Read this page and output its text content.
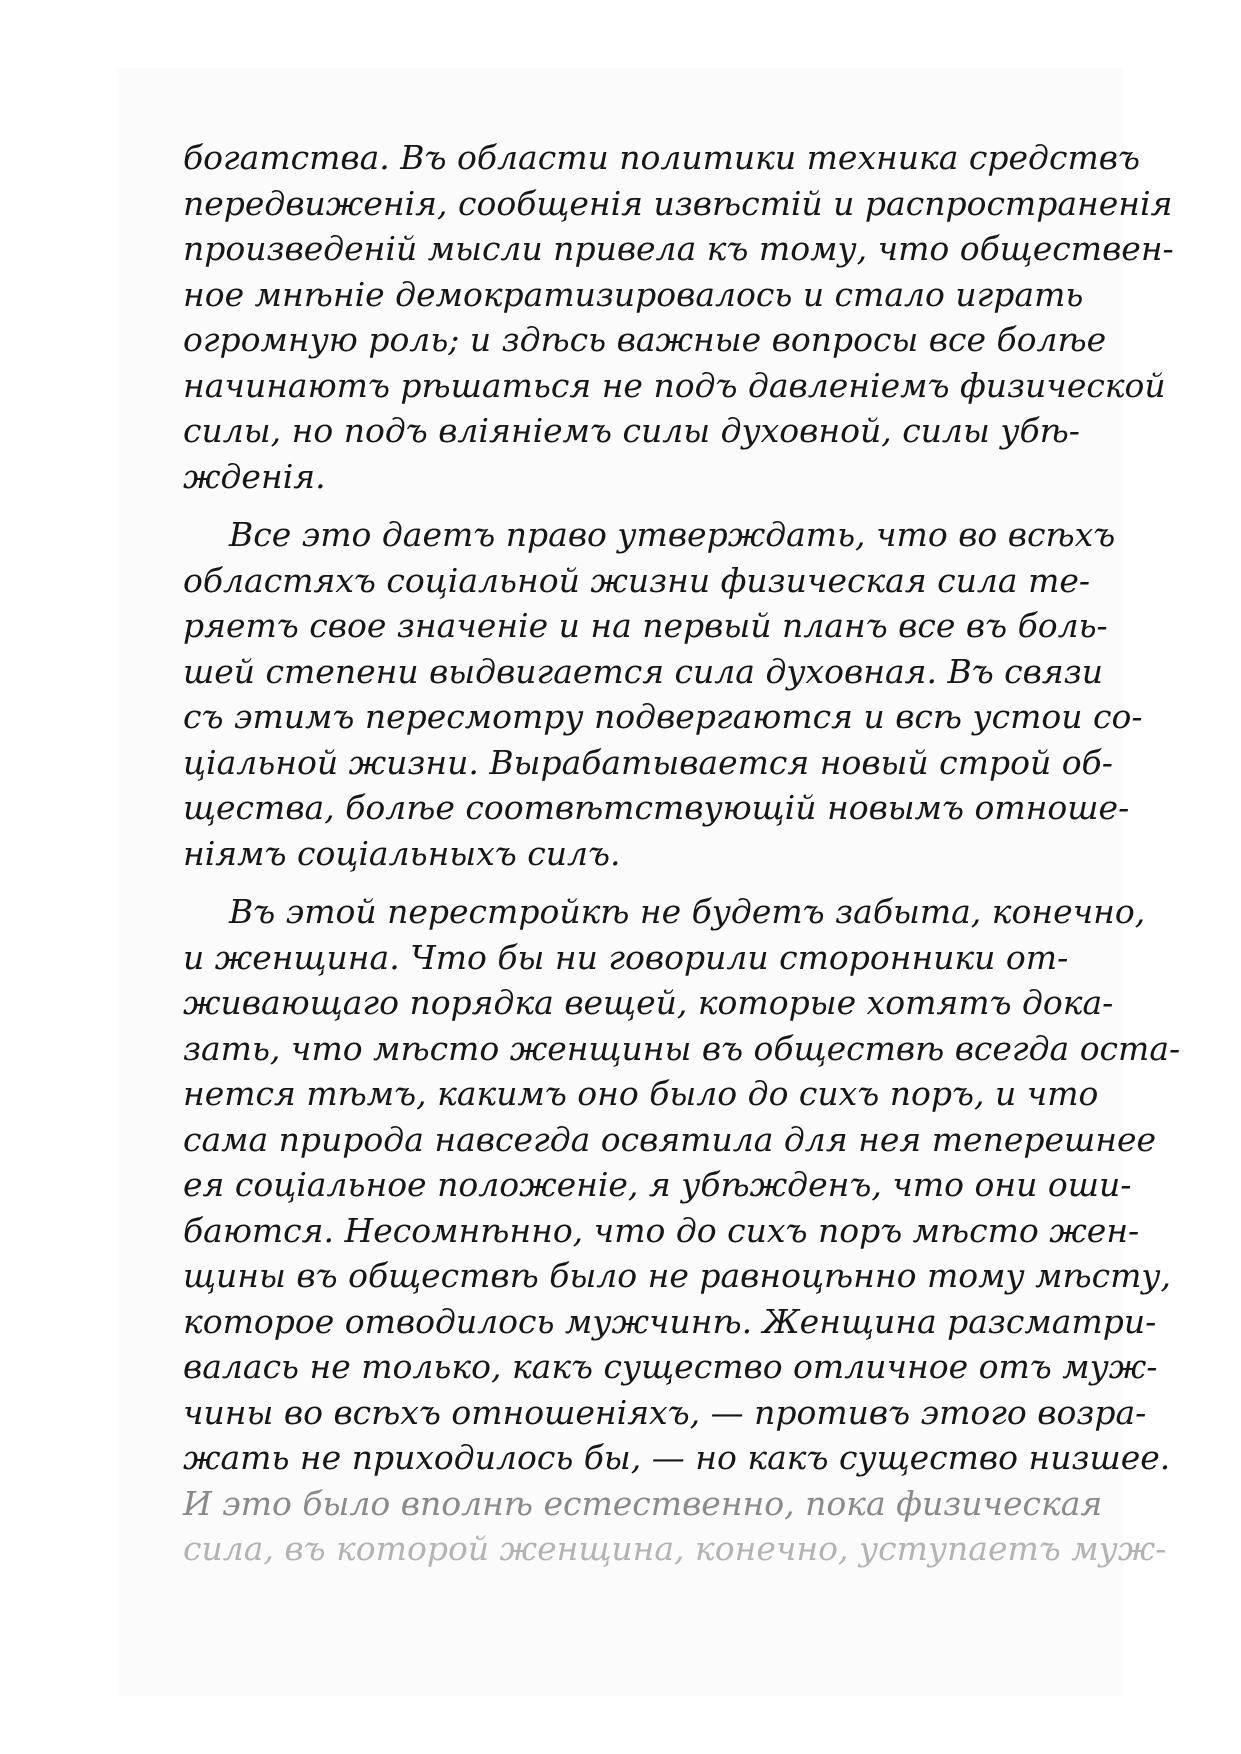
богатства. Въ области политики техника средствъ
передвиженія, сообщенія извѣстій и распространенія
произведеній мысли привела къ тому, что обществен-
ное мнѣніе демократизировалось и стало играть
огромную роль; и здѣсь важные вопросы все болѣе
начинаютъ рѣшаться не подъ давленіемъ физической
силы, но подъ вліяніемъ силы духовной, силы убѣ-
жденія.
Все это даетъ право утверждать, что во всѣхъ
областяхъ соціальной жизни физическая сила те-
ряетъ свое значеніе и на первый планъ все въ боль-
шей степени выдвигается сила духовная. Въ связи
съ этимъ пересмотру подвергаются и всѣ устои со-
ціальной жизни. Вырабатывается новый строй об-
щества, болѣе соотвѣтствующій новымъ отноше-
ніямъ соціальныхъ силъ.
Въ этой перестройкѣ не будетъ забыта, конечно,
и женщина. Что бы ни говорили сторонники от-
живающаго порядка вещей, которые хотятъ дока-
зать, что мѣсто женщины въ обществѣ всегда оста-
нется тѣмъ, какимъ оно было до сихъ поръ, и что
сама природа навсегда освятила для нея теперешнее
ея соціальное положеніе, я убѣжденъ, что они оши-
баются. Несомнѣнно, что до сихъ поръ мѣсто жен-
щины въ обществѣ было не равноцѣнно тому мѣсту,
которое отводилось мужчинѣ. Женщина разсматри-
валась не только, какъ существо отличное отъ муж-
чины во всѣхъ отношеніяхъ, — противъ этого возра-
жать не приходилось бы, — но какъ существо низшее.
И это было вполнѣ естественно, пока физическая
сила, въ которой женщина, конечно, уступаетъ муж-
